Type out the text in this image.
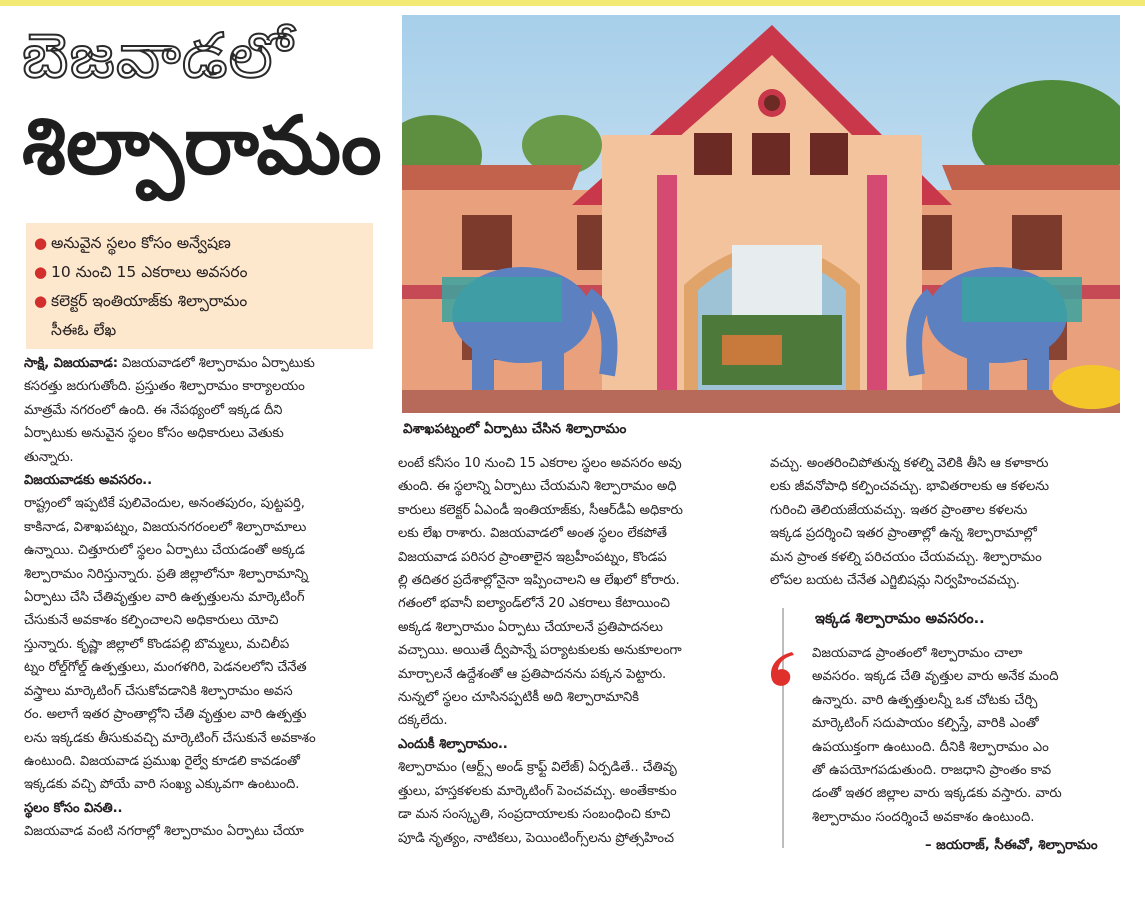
బెజవాడలో
శిల్పారామం
● అనువైన స్థలం కోసం అన్వేషణ
● 10 నుంచి 15 ఎకరాలు అవసరం
● కలెక్టర్ ఇంతియాజ్‌కు శిల్పారామం
సీఈఓ లేఖ
విశాఖపట్నంలో ఏర్పాటు చేసిన శిల్పారామం
సాక్షి, విజయవాడ: విజయవాడలో శిల్పారామం ఏర్పాటుకు
కసరత్తు జరుగుతోంది. ప్రస్తుతం శిల్పారామం కార్యాలయం
మాత్రమే నగరంలో ఉంది. ఈ నేపథ్యంలో ఇక్కడ దీని
ఏర్పాటుకు అనువైన స్థలం కోసం అధికారులు వెతుకు
తున్నారు.
విజయవాడకు అవసరం..
రాష్ట్రంలో ఇప్పటికే పులివెందుల, అనంతపురం, పుట్టపర్తి,
కాకినాడ, విశాఖపట్నం, విజయనగరంలలో శిల్పారామాలు
ఉన్నాయి. చిత్తూరులో స్థలం ఏర్పాటు చేయడంతో అక్కడ
శిల్పారామం నిరిస్తున్నారు. ప్రతి జిల్లాలోనూ శిల్పారామాన్ని
ఏర్పాటు చేసి చేతివృత్తుల వారి ఉత్పత్తులను మార్కెటింగ్
చేసుకునే అవకాశం కల్పించాలని అధికారులు యోచి
స్తున్నారు. కృష్ణా జిల్లాలో కొండపల్లి బొమ్మలు, మచిలీప
ట్నం రోల్డ్‌గోల్డ్ ఉత్పత్తులు, మంగళగిరి, పెడనలలోని చేనేత
వస్త్రాలు మార్కెటింగ్ చేసుకోవడానికి శిల్పారామం అవస
రం. అలాగే ఇతర ప్రాంతాల్లోని చేతి వృత్తుల వారి ఉత్పత్తు
లను ఇక్కడకు తీసుకువచ్చి మార్కెటింగ్ చేసుకునే అవకాశం
ఉంటుంది. విజయవాడ ప్రముఖ రైల్వే కూడలి కావడంతో
ఇక్కడకు వచ్చి పోయే వారి సంఖ్య ఎక్కువగా ఉంటుంది.
స్థలం కోసం వినతి..
విజయవాడ వంటి నగరాల్లో శిల్పారామం ఏర్పాటు చేయా
లంటే కనీసం 10 నుంచి 15 ఎకరాల స్థలం అవసరం అవు
తుంది. ఈ స్థలాన్ని ఏర్పాటు చేయమని శిల్పారామం అధి
కారులు కలెక్టర్ ఏఎండీ ఇంతియాజ్‌కు, సీఆర్‌డీఏ అధికారు
లకు లేఖ రాశారు. విజయవాడలో అంత స్థలం లేకపోతే
విజయవాడ పరిసర ప్రాంతాలైన ఇబ్రహీంపట్నం, కొండప
ల్లి తదితర ప్రదేశాల్లోనైనా ఇప్పించాలని ఆ లేఖలో కోరారు.
గతంలో భవానీ ఐల్యాండ్‌లోనే 20 ఎకరాలు కేటాయించి
అక్కడ శిల్పారామం ఏర్పాటు చేయాలనే ప్రతిపాదనలు
వచ్చాయి. అయితే ద్వీపాన్నే పర్యాటకులకు అనుకూలంగా
మార్చాలనే ఉద్దేశంతో ఆ ప్రతిపాదనను పక్కన పెట్టారు.
నున్నలో స్థలం చూసినప్పటికీ అది శిల్పారామానికి
దక్కలేదు.
ఎందుకీ శిల్పారామం..
శిల్పారామం (ఆర్ట్స్ అండ్ క్రాఫ్ట్ విలేజ్) ఏర్పడితే.. చేతివృ
త్తులు, హస్తకళలకు మార్కెటింగ్ పెంచవచ్చు. అంతేకాకుం
డా మన సంస్కృతి, సంప్రదాయాలకు సంబంధించి కూచి
పూడి నృత్యం, నాటికలు, పెయింటింగ్స్‌లను ప్రోత్సహించ
వచ్చు. అంతరించిపోతున్న కళల్ని వెలికి తీసి ఆ కళాకారు
లకు జీవనోపాధి కల్పించవచ్చు. భావితరాలకు ఆ కళలను
గురించి తెలియజేయవచ్చు. ఇతర ప్రాంతాల కళలను
ఇక్కడ ప్రదర్శించి ఇతర ప్రాంతాల్లో ఉన్న శిల్పారామాల్లో
మన ప్రాంత కళల్ని పరిచయం చేయవచ్చు. శిల్పారామం
లోపల బయట చేనేత ఎగ్జిబిషన్లు నిర్వహించవచ్చు.
ఇక్కడ శిల్పారామం అవసరం..
విజయవాడ ప్రాంతంలో శిల్పారామం చాలా
అవసరం. ఇక్కడ చేతి వృత్తుల వారు అనేక మంది
ఉన్నారు. వారి ఉత్పత్తులన్నీ ఒక చోటకు చేర్చి
మార్కెటింగ్ సదుపాయం కల్పిస్తే, వారికి ఎంతో
ఉపయుక్తంగా ఉంటుంది. దీనికి శిల్పారామం ఎం
తో ఉపయోగపడుతుంది. రాజధాని ప్రాంతం కావ
డంతో ఇతర జిల్లాల వారు ఇక్కడకు వస్తారు. వారు
శిల్పారామం సందర్శించే అవకాశం ఉంటుంది.
– జయరాజ్, సీఈవో, శిల్పారామం
